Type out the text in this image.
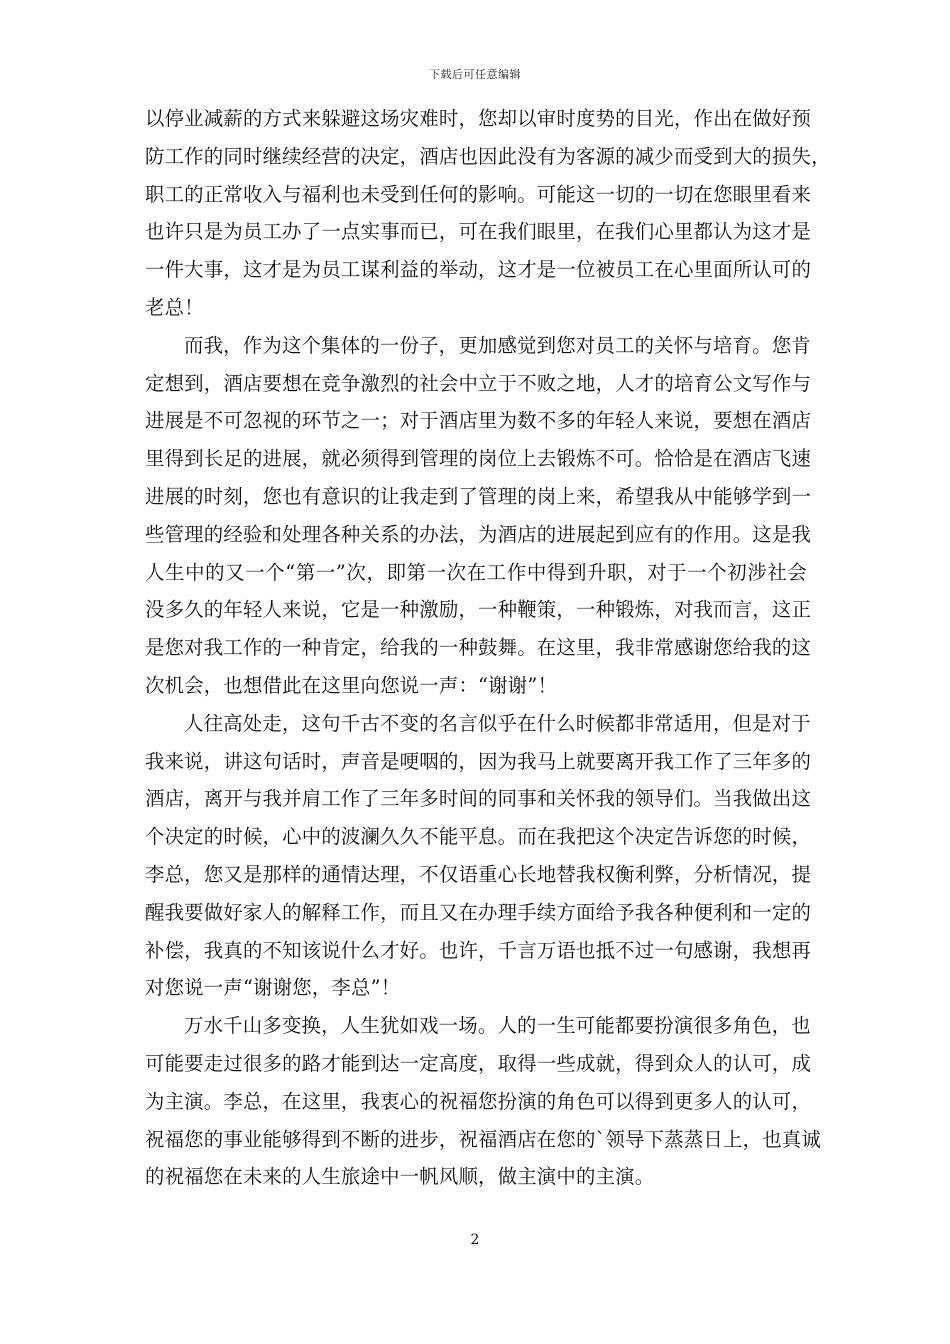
下载后可任意编辑
以停业减薪的方式来躲避这场灾难时，您却以审时度势的目光，作出在做好预
防工作的同时继续经营的决定，酒店也因此没有为客源的减少而受到大的损失，
职工的正常收入与福利也未受到任何的影响。可能这一切的一切在您眼里看来
也许只是为员工办了一点实事而已，可在我们眼里，在我们心里都认为这才是
一件大事，这才是为员工谋利益的举动，这才是一位被员工在心里面所认可的
老总！
而我，作为这个集体的一份子，更加感觉到您对员工的关怀与培育。您肯
定想到，酒店要想在竞争激烈的社会中立于不败之地，人才的培育公文写作与
进展是不可忽视的环节之一；对于酒店里为数不多的年轻人来说，要想在酒店
里得到长足的进展，就必须得到管理的岗位上去锻炼不可。恰恰是在酒店飞速
进展的时刻，您也有意识的让我走到了管理的岗上来，希望我从中能够学到一
些管理的经验和处理各种关系的办法，为酒店的进展起到应有的作用。这是我
人生中的又一个“第一”次，即第一次在工作中得到升职，对于一个初涉社会
没多久的年轻人来说，它是一种激励，一种鞭策，一种锻炼，对我而言，这正
是您对我工作的一种肯定，给我的一种鼓舞。在这里，我非常感谢您给我的这
次机会，也想借此在这里向您说一声：“谢谢”！
人往高处走，这句千古不变的名言似乎在什么时候都非常适用，但是对于
我来说，讲这句话时，声音是哽咽的，因为我马上就要离开我工作了三年多的
酒店，离开与我并肩工作了三年多时间的同事和关怀我的领导们。当我做出这
个决定的时候，心中的波澜久久不能平息。而在我把这个决定告诉您的时候，
李总，您又是那样的通情达理，不仅语重心长地替我权衡利弊，分析情况，提
醒我要做好家人的解释工作，而且又在办理手续方面给予我各种便利和一定的
补偿，我真的不知该说什么才好。也许，千言万语也抵不过一句感谢，我想再
对您说一声“谢谢您，李总”！
万水千山多变换，人生犹如戏一场。人的一生可能都要扮演很多角色，也
可能要走过很多的路才能到达一定高度，取得一些成就，得到众人的认可，成
为主演。李总，在这里，我衷心的祝福您扮演的角色可以得到更多人的认可，
祝福您的事业能够得到不断的进步，祝福酒店在您的`领导下蒸蒸日上，也真诚
的祝福您在未来的人生旅途中一帆风顺，做主演中的主演。
2
